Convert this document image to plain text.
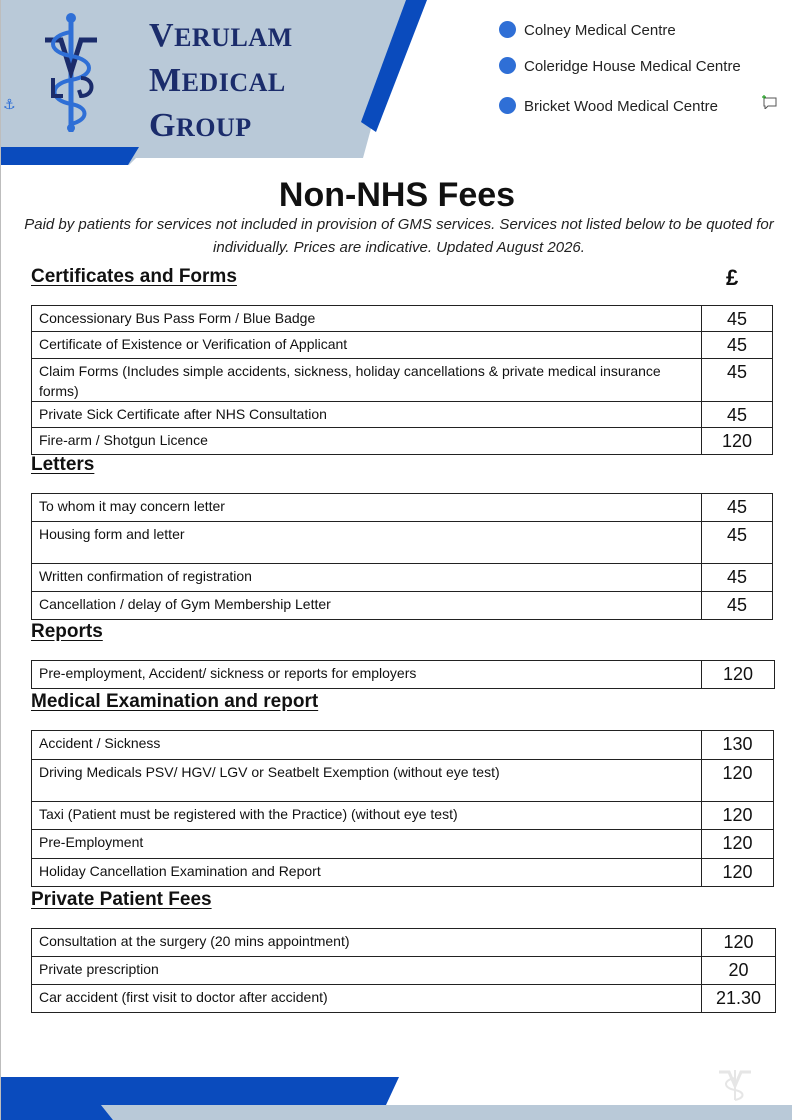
VERULAM
MEDICAL
GROUP
Colney Medical Centre
Coleridge House Medical Centre
Bricket Wood Medical Centre
⚓
Non-NHS Fees
Paid by patients for services not included in provision of GMS services. Services not listed below to be quoted for individually. Prices are indicative. Updated August 2026.
Certificates and Forms	£
Concessionary Bus Pass Form / Blue Badge	45
Certificate of Existence or Verification of Applicant	45
Claim Forms (Includes simple accidents, sickness, holiday cancellations & private medical insurance forms)	45
Private Sick Certificate after NHS Consultation	45
Fire-arm / Shotgun Licence	120
Letters
To whom it may concern letter	45
Housing form and letter	45
Written confirmation of registration	45
Cancellation / delay of Gym Membership Letter	45
Reports
Pre-employment, Accident/ sickness or reports for employers	120
Medical Examination and report
Accident / Sickness	130
Driving Medicals PSV/ HGV/ LGV or Seatbelt Exemption (without eye test)	120
Taxi (Patient must be registered with the Practice) (without eye test)	120
Pre-Employment	120
Holiday Cancellation Examination and Report	120
Private Patient Fees
Consultation at the surgery (20 mins appointment)	120
Private prescription	20
Car accident (first visit to doctor after accident)	21.30
